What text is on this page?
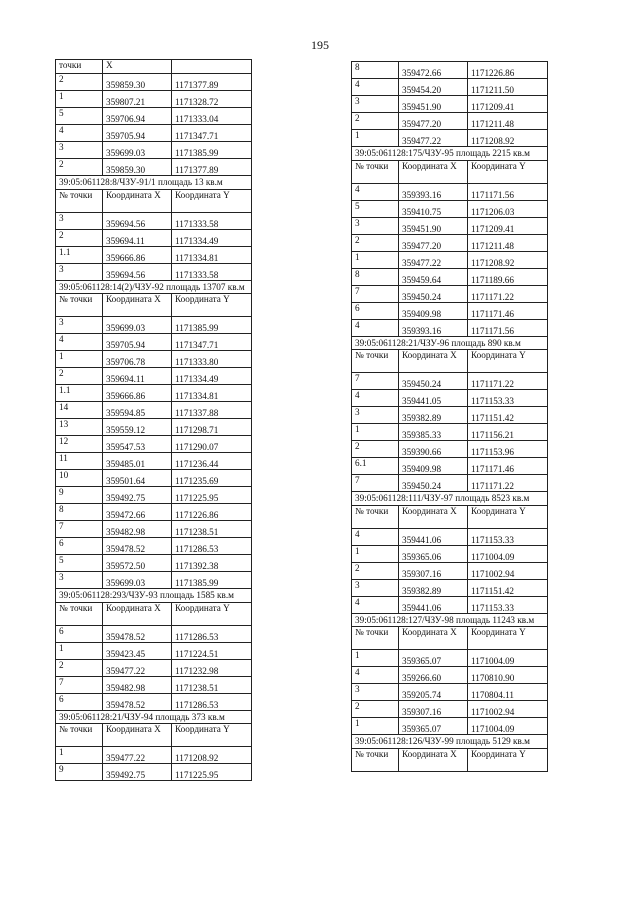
195
точки	X	
2	359859.30	1171377.89
1	359807.21	1171328.72
5	359706.94	1171333.04
4	359705.94	1171347.71
3	359699.03	1171385.99
2	359859.30	1171377.89
39:05:061128:8/ЧЗУ-91/1 площадь 13 кв.м		
№ точки	Координата X	Координата Y
3	359694.56	1171333.58
2	359694.11	1171334.49
1.1	359666.86	1171334.81
3	359694.56	1171333.58
39:05:061128:14(2)/ЧЗУ-92 площадь 13707 кв.м		
№ точки	Координата X	Координата Y
3	359699.03	1171385.99
4	359705.94	1171347.71
1	359706.78	1171333.80
2	359694.11	1171334.49
1.1	359666.86	1171334.81
14	359594.85	1171337.88
13	359559.12	1171298.71
12	359547.53	1171290.07
11	359485.01	1171236.44
10	359501.64	1171235.69
9	359492.75	1171225.95
8	359472.66	1171226.86
7	359482.98	1171238.51
6	359478.52	1171286.53
5	359572.50	1171392.38
3	359699.03	1171385.99
39:05:061128:293/ЧЗУ-93 площадь 1585 кв.м		
№ точки	Координата X	Координата Y
6	359478.52	1171286.53
1	359423.45	1171224.51
2	359477.22	1171232.98
7	359482.98	1171238.51
6	359478.52	1171286.53
39:05:061128:21/ЧЗУ-94 площадь 373 кв.м		
№ точки	Координата X	Координата Y
1	359477.22	1171208.92
9	359492.75	1171225.95
8	359472.66	1171226.86
4	359454.20	1171211.50
3	359451.90	1171209.41
2	359477.20	1171211.48
1	359477.22	1171208.92
39:05:061128:175/ЧЗУ-95 площадь 2215 кв.м		
№ точки	Координата X	Координата Y
4	359393.16	1171171.56
5	359410.75	1171206.03
3	359451.90	1171209.41
2	359477.20	1171211.48
1	359477.22	1171208.92
8	359459.64	1171189.66
7	359450.24	1171171.22
6	359409.98	1171171.46
4	359393.16	1171171.56
39:05:061128:21/ЧЗУ-96 площадь 890 кв.м		
№ точки	Координата X	Координата Y
7	359450.24	1171171.22
4	359441.05	1171153.33
3	359382.89	1171151.42
1	359385.33	1171156.21
2	359390.66	1171153.96
6.1	359409.98	1171171.46
7	359450.24	1171171.22
39:05:061128:111/ЧЗУ-97 площадь 8523 кв.м		
№ точки	Координата X	Координата Y
4	359441.06	1171153.33
1	359365.06	1171004.09
2	359307.16	1171002.94
3	359382.89	1171151.42
4	359441.06	1171153.33
39:05:061128:127/ЧЗУ-98 площадь 11243 кв.м		
№ точки	Координата X	Координата Y
1	359365.07	1171004.09
4	359266.60	1170810.90
3	359205.74	1170804.11
2	359307.16	1171002.94
1	359365.07	1171004.09
39:05:061128:126/ЧЗУ-99 площадь 5129 кв.м		
№ точки	Координата X	Координата Y
